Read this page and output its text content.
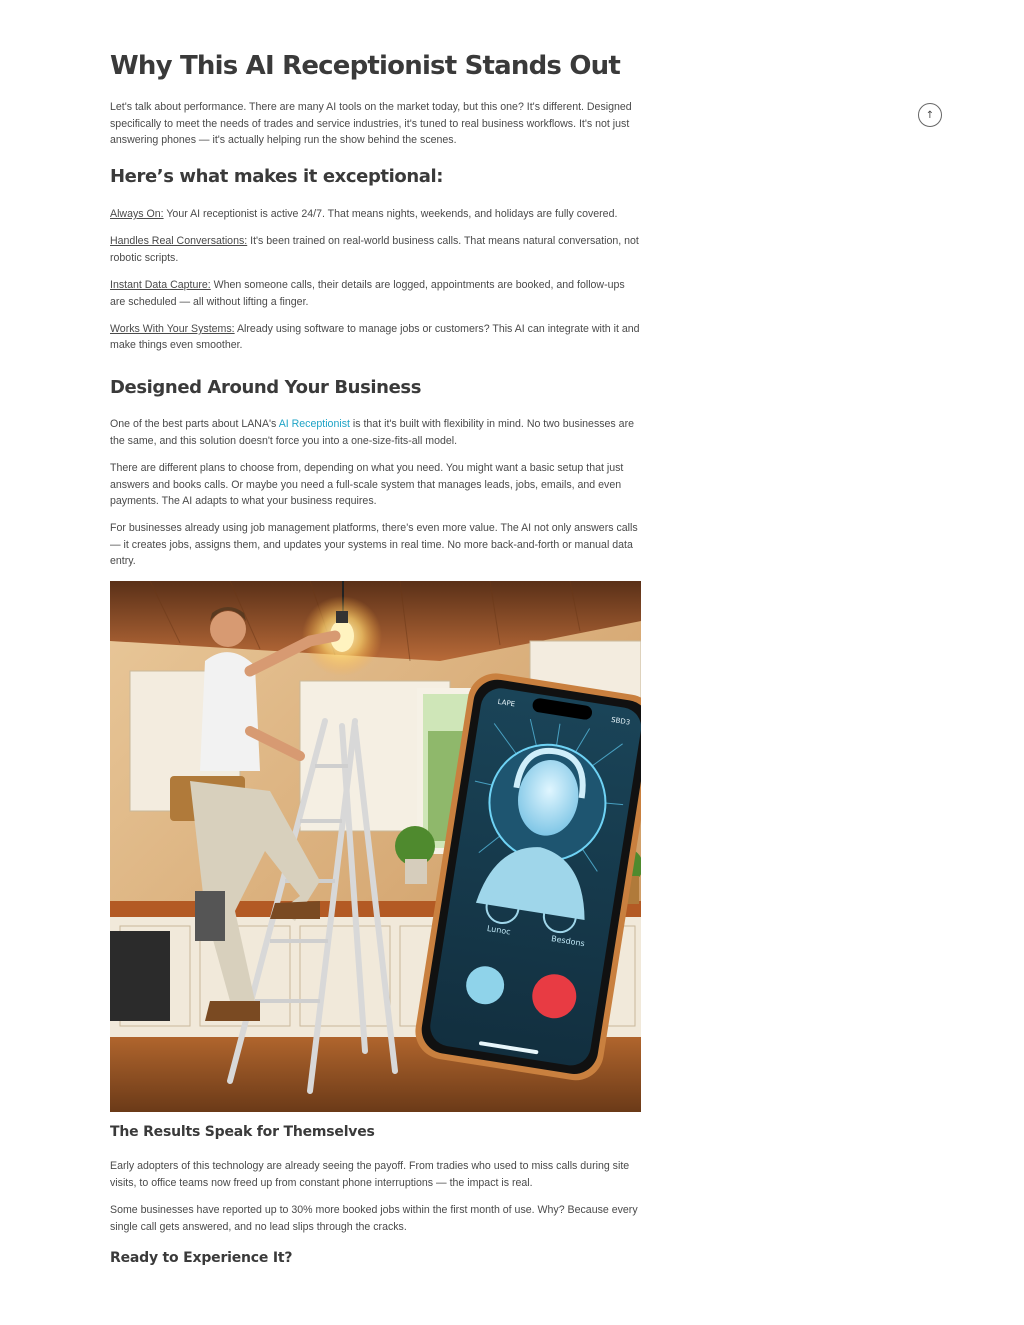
Why This AI Receptionist Stands Out

Let's talk about performance. There are many AI tools on the market today, but this one? It's different. Designed specifically to meet the needs of trades and service industries, it's tuned to real business workflows. It's not just answering phones — it's actually helping run the show behind the scenes.

Here’s what makes it exceptional:

Always On: Your AI receptionist is active 24/7. That means nights, weekends, and holidays are fully covered.

Handles Real Conversations: It's been trained on real-world business calls. That means natural conversation, not robotic scripts.

Instant Data Capture: When someone calls, their details are logged, appointments are booked, and follow-ups are scheduled — all without lifting a finger.

Works With Your Systems: Already using software to manage jobs or customers? This AI can integrate with it and make things even smoother.

Designed Around Your Business

One of the best parts about LANA's AI Receptionist is that it's built with flexibility in mind. No two businesses are the same, and this solution doesn't force you into a one-size-fits-all model.

There are different plans to choose from, depending on what you need. You might want a basic setup that just answers and books calls. Or maybe you need a full-scale system that manages leads, jobs, emails, and even payments. The AI adapts to what your business requires.

For businesses already using job management platforms, there's even more value. The AI not only answers calls — it creates jobs, assigns them, and updates your systems in real time. No more back-and-forth or manual data entry.

Lunoc
Besdons
LAPE
SBD3
The Results Speak for Themselves

Early adopters of this technology are already seeing the payoff. From tradies who used to miss calls during site visits, to office teams now freed up from constant phone interruptions — the impact is real.

Some businesses have reported up to 30% more booked jobs within the first month of use. Why? Because every single call gets answered, and no lead slips through the cracks.

Ready to Experience It?
↑
